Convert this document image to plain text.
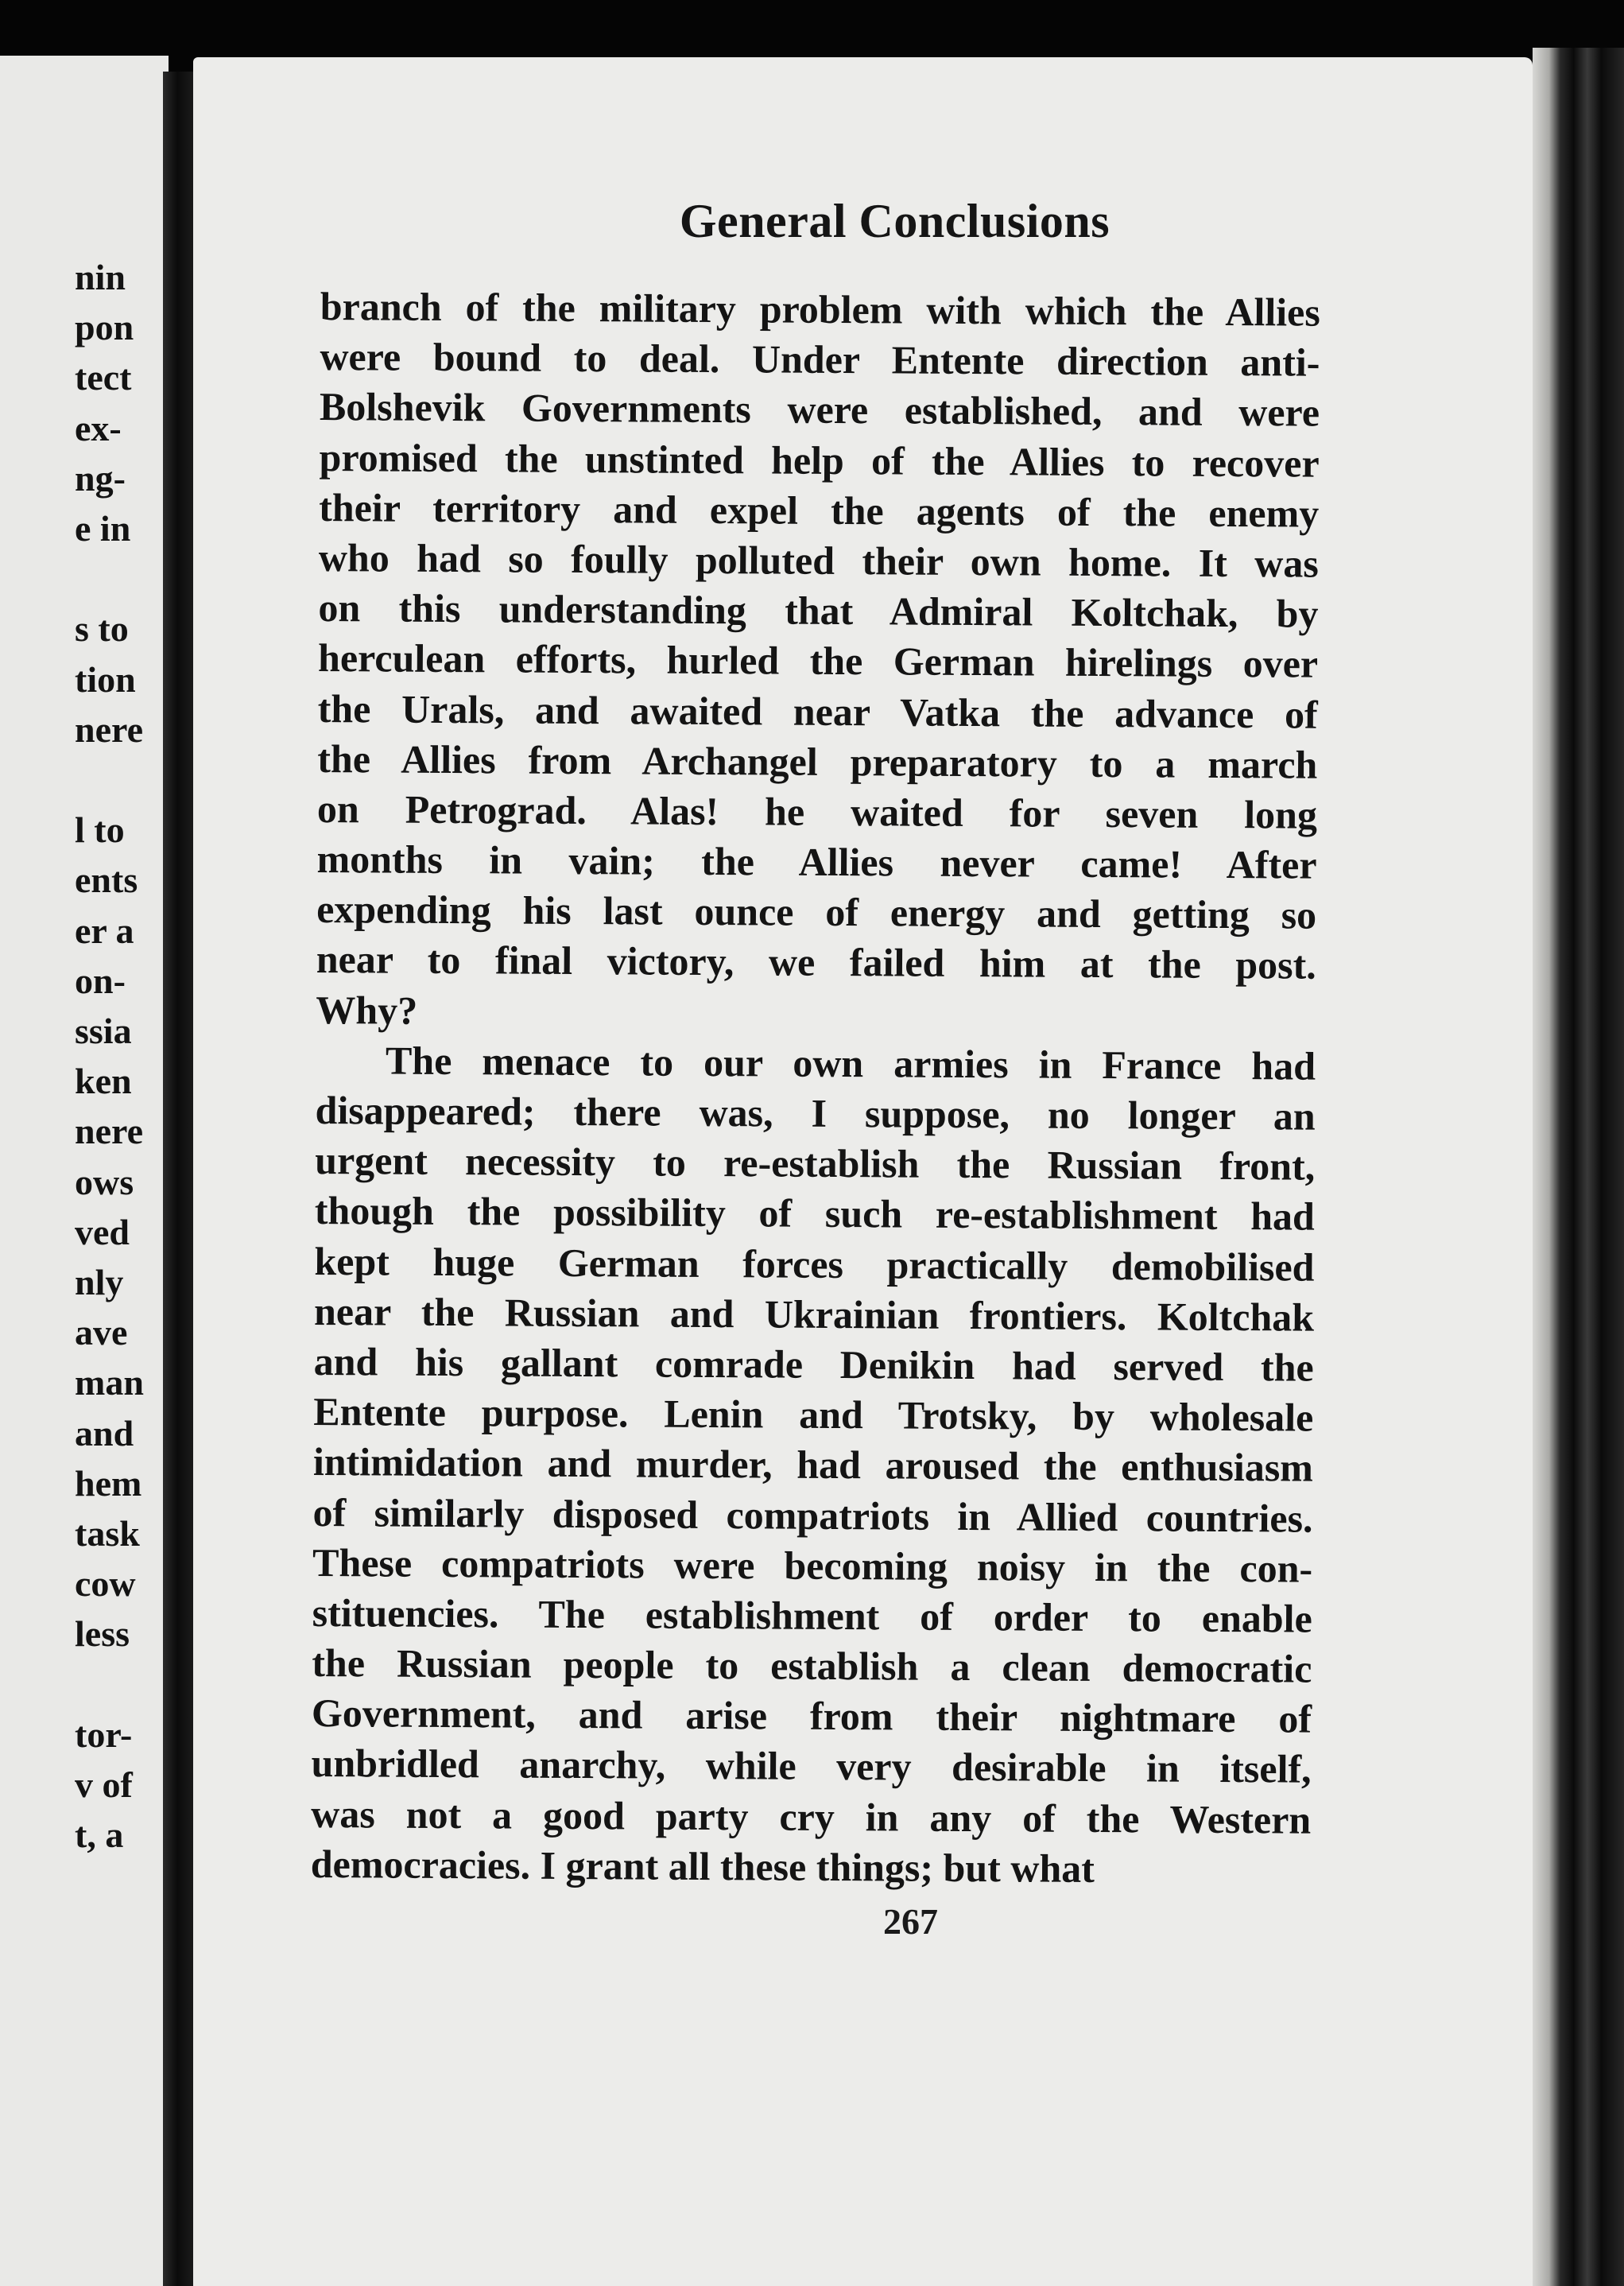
nin
pon
tect
ex-
ng-
e in
s to
tion
nere
l to
ents
er a
on-
ssia
ken
nere
ows
ved
nly
ave
man
and
hem
task
cow
less
tor-
v of
t, a
General Conclusions
branch of the military problem with which the Allies
were bound to deal. Under Entente direction anti-
Bolshevik Governments were established, and were
promised the unstinted help of the Allies to recover
their territory and expel the agents of the enemy
who had so foully polluted their own home. It was
on this understanding that Admiral Koltchak, by
herculean efforts, hurled the German hirelings over
the Urals, and awaited near Vatka the advance of
the Allies from Archangel preparatory to a march
on Petrograd. Alas! he waited for seven long
months in vain; the Allies never came! After
expending his last ounce of energy and getting so
near to final victory, we failed him at the post.
Why?
The menace to our own armies in France had
disappeared; there was, I suppose, no longer an
urgent necessity to re-establish the Russian front,
though the possibility of such re-establishment had
kept huge German forces practically demobilised
near the Russian and Ukrainian frontiers. Koltchak
and his gallant comrade Denikin had served the
Entente purpose. Lenin and Trotsky, by wholesale
intimidation and murder, had aroused the enthusiasm
of similarly disposed compatriots in Allied countries.
These compatriots were becoming noisy in the con-
stituencies. The establishment of order to enable
the Russian people to establish a clean democratic
Government, and arise from their nightmare of
unbridled anarchy, while very desirable in itself,
was not a good party cry in any of the Western
democracies. I grant all these things; but what
267
